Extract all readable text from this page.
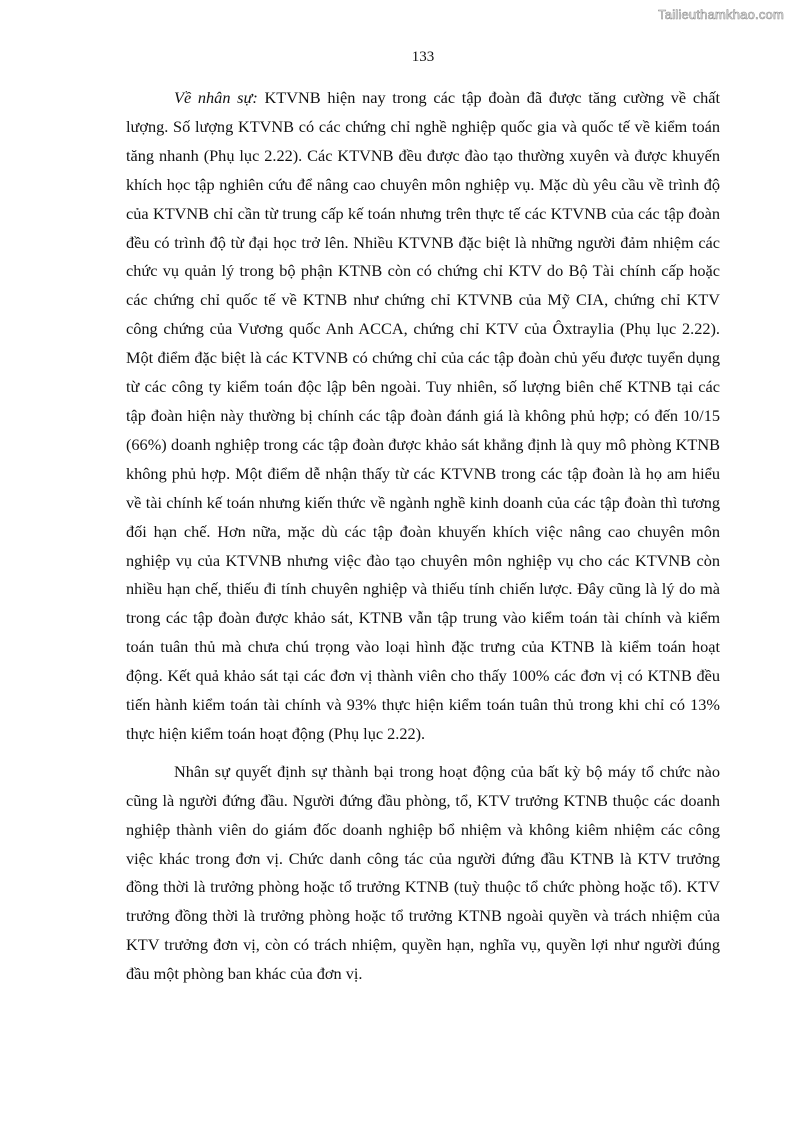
Tailieuthamkhao.com
133

Về nhân sự: KTVNB hiện nay trong các tập đoàn đã được tăng cường về chất lượng. Số lượng KTVNB có các chứng chỉ nghề nghiệp quốc gia và quốc tế về kiểm toán tăng nhanh (Phụ lục 2.22). Các KTVNB đều được đào tạo thường xuyên và được khuyến khích học tập nghiên cứu để nâng cao chuyên môn nghiệp vụ. Mặc dù yêu cầu về trình độ của KTVNB chỉ cần từ trung cấp kế toán nhưng trên thực tế các KTVNB của các tập đoàn đều có trình độ từ đại học trở lên. Nhiều KTVNB đặc biệt là những người đảm nhiệm các chức vụ quản lý trong bộ phận KTNB còn có chứng chỉ KTV do Bộ Tài chính cấp hoặc các chứng chỉ quốc tế về KTNB như chứng chỉ KTVNB của Mỹ CIA, chứng chỉ KTV công chứng của Vương quốc Anh ACCA, chứng chỉ KTV của Ôxtraylia (Phụ lục 2.22). Một điểm đặc biệt là các KTVNB có chứng chỉ của các tập đoàn chủ yếu được tuyển dụng từ các công ty kiểm toán độc lập bên ngoài. Tuy nhiên, số lượng biên chế KTNB tại các tập đoàn hiện này thường bị chính các tập đoàn đánh giá là không phủ hợp; có đến 10/15 (66%) doanh nghiệp trong các tập đoàn được khảo sát khẳng định là quy mô phòng KTNB không phủ hợp. Một điểm dễ nhận thấy từ các KTVNB trong các tập đoàn là họ am hiểu về tài chính kế toán nhưng kiến thức về ngành nghề kinh doanh của các tập đoàn thì tương đối hạn chế. Hơn nữa, mặc dù các tập đoàn khuyến khích việc nâng cao chuyên môn nghiệp vụ của KTVNB nhưng việc đào tạo chuyên môn nghiệp vụ cho các KTVNB còn nhiều hạn chế, thiếu đi tính chuyên nghiệp và thiếu tính chiến lược. Đây cũng là lý do mà trong các tập đoàn được khảo sát, KTNB vẫn tập trung vào kiểm toán tài chính và kiểm toán tuân thủ mà chưa chú trọng vào loại hình đặc trưng của KTNB là kiểm toán hoạt động. Kết quả khảo sát tại các đơn vị thành viên cho thấy 100% các đơn vị có KTNB đều tiến hành kiểm toán tài chính và 93% thực hiện kiểm toán tuân thủ trong khi chỉ có 13% thực hiện kiểm toán hoạt động (Phụ lục 2.22).

Nhân sự quyết định sự thành bại trong hoạt động của bất kỳ bộ máy tổ chức nào cũng là người đứng đầu. Người đứng đầu phòng, tổ, KTV trưởng KTNB thuộc các doanh nghiệp thành viên do giám đốc doanh nghiệp bổ nhiệm và không kiêm nhiệm các công việc khác trong đơn vị. Chức danh công tác của người đứng đầu KTNB là KTV trưởng đồng thời là trưởng phòng hoặc tổ trưởng KTNB (tuỳ thuộc tổ chức phòng hoặc tổ). KTV trưởng đồng thời là trưởng phòng hoặc tổ trưởng KTNB ngoài quyền và trách nhiệm của KTV trưởng đơn vị, còn có trách nhiệm, quyền hạn, nghĩa vụ, quyền lợi như người đúng đầu một phòng ban khác của đơn vị.
